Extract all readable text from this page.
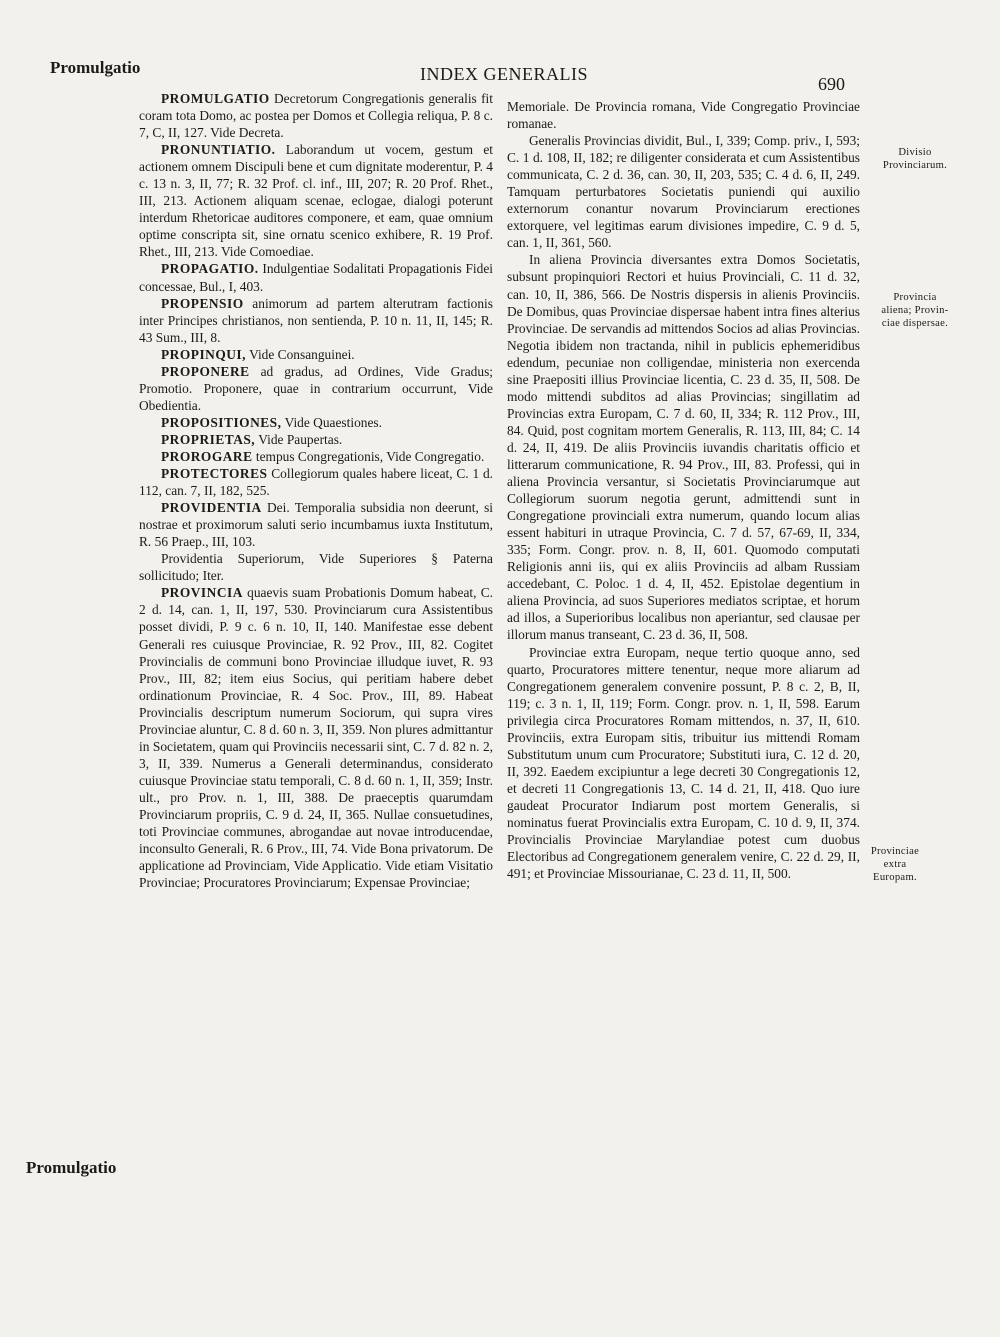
Promulgatio	INDEX GENERALIS	690

PROMULGATIO Decretorum Congregationis generalis fit coram tota Domo, ac postea per Domos et Collegia reliqua, P. 8 c. 7, C, II, 127. Vide Decreta.

PRONUNTIATIO. Laborandum ut vocem, gestum et actionem omnem Discipuli bene et cum dignitate moderentur, P. 4 c. 13 n. 3, II, 77; R. 32 Prof. cl. inf., III, 207; R. 20 Prof. Rhet., III, 213. Actionem aliquam scenae, eclogae, dialogi poterunt interdum Rhetoricae auditores componere, et eam, quae omnium optime conscripta sit, sine ornatu scenico exhibere, R. 19 Prof. Rhet., III, 213. Vide Comoediae.

PROPAGATIO. Indulgentiae Sodalitati Propagationis Fidei concessae, Bul., I, 403.

PROPENSIO animorum ad partem alterutram factionis inter Principes christianos, non sentienda, P. 10 n. 11, II, 145; R. 43 Sum., III, 8.

PROPINQUI, Vide Consanguinei.

PROPONERE ad gradus, ad Ordines, Vide Gradus; Promotio. Proponere, quae in contrarium occurrunt, Vide Obedientia.

PROPOSITIONES, Vide Quaestiones.

PROPRIETAS, Vide Paupertas.

PROROGARE tempus Congregationis, Vide Congregatio.

PROTECTORES Collegiorum quales habere liceat, C. 1 d. 112, can. 7, II, 182, 525.

PROVIDENTIA Dei. Temporalia subsidia non deerunt, si nostrae et proximorum saluti serio incumbamus iuxta Institutum, R. 56 Praep., III, 103.

Providentia Superiorum, Vide Superiores § Paterna sollicitudo; Iter.

PROVINCIA quaevis suam Probationis Domum habeat, C. 2 d. 14, can. 1, II, 197, 530. Provinciarum cura Assistentibus posset dividi, P. 9 c. 6 n. 10, II, 140. Manifestae esse debent Generali res cuiusque Provinciae, R. 92 Prov., III, 82. Cogitet Provincialis de communi bono Provinciae illudque iuvet, R. 93 Prov., III, 82; item eius Socius, qui peritiam habere debet ordinationum Provinciae, R. 4 Soc. Prov., III, 89. Habeat Provincialis descriptum numerum Sociorum, qui supra vires Provinciae aluntur, C. 8 d. 60 n. 3, II, 359. Non plures admittantur in Societatem, quam qui Provinciis necessarii sint, C. 7 d. 82 n. 2, 3, II, 339. Numerus a Generali determinandus, considerato cuiusque Provinciae statu temporali, C. 8 d. 60 n. 1, II, 359; Instr. ult., pro Prov. n. 1, III, 388. De praeceptis quarumdam Provinciarum propriis, C. 9 d. 24, II, 365. Nullae consuetudines, toti Provinciae communes, abrogandae aut novae introducendae, inconsulto Generali, R. 6 Prov., III, 74. Vide Bona privatorum. De applicatione ad Provinciam, Vide Applicatio. Vide etiam Visitatio Provinciae; Procuratores Provinciarum; Expensae Provinciae;

Memoriale. De Provincia romana, Vide Congregatio Provinciae romanae.

Generalis Provincias dividit, Bul., I, 339; Comp. priv., I, 593; C. 1 d. 108, II, 182; re diligenter considerata et cum Assistentibus communicata, C. 2 d. 36, can. 30, II, 203, 535; C. 4 d. 6, II, 249. Tamquam perturbatores Societatis puniendi qui auxilio externorum conantur novarum Provinciarum erectiones extorquere, vel legitimas earum divisiones impedire, C. 9 d. 5, can. 1, II, 361, 560.

In aliena Provincia diversantes extra Domos Societatis, subsunt propinquiori Rectori et huius Provinciali, C. 11 d. 32, can. 10, II, 386, 566. De Nostris dispersis in alienis Provinciis. De Domibus, quas Provinciae dispersae habent intra fines alterius Provinciae. De servandis ad mittendos Socios ad alias Provincias. Negotia ibidem non tractanda, nihil in publicis ephemeridibus edendum, pecuniae non colligendae, ministeria non exercenda sine Praepositi illius Provinciae licentia, C. 23 d. 35, II, 508. De modo mittendi subditos ad alias Provincias; singillatim ad Provincias extra Europam, C. 7 d. 60, II, 334; R. 112 Prov., III, 84. Quid, post cognitam mortem Generalis, R. 113, III, 84; C. 14 d. 24, II, 419. De aliis Provinciis iuvandis charitatis officio et litterarum communicatione, R. 94 Prov., III, 83. Professi, qui in aliena Provincia versantur, si Societatis Provinciarumque aut Collegiorum suorum negotia gerunt, admittendi sunt in Congregatione provinciali extra numerum, quando locum alias essent habituri in utraque Provincia, C. 7 d. 57, 67-69, II, 334, 335; Form. Congr. prov. n. 8, II, 601. Quomodo computati Religionis anni iis, qui ex aliis Provinciis ad albam Russiam accedebant, C. Poloc. 1 d. 4, II, 452. Epistolae degentium in aliena Provincia, ad suos Superiores mediatos scriptae, et horum ad illos, a Superioribus localibus non aperiantur, sed clausae per illorum manus transeant, C. 23 d. 36, II, 508.

Provinciae extra Europam, neque tertio quoque anno, sed quarto, Procuratores mittere tenentur, neque more aliarum ad Congregationem generalem convenire possunt, P. 8 c. 2, B, II, 119; c. 3 n. 1, II, 119; Form. Congr. prov. n. 1, II, 598. Earum privilegia circa Procuratores Romam mittendos, n. 37, II, 610. Provinciis, extra Europam sitis, tribuitur ius mittendi Romam Substitutum unum cum Procuratore; Substituti iura, C. 12 d. 20, II, 392. Eaedem excipiuntur a lege decreti 30 Congregationis 12, et decreti 11 Congregationis 13, C. 14 d. 21, II, 418. Quo iure gaudeat Procurator Indiarum post mortem Generalis, si nominatus fuerat Provincialis extra Europam, C. 10 d. 9, II, 374. Provincialis Provinciae Marylandiae potest cum duobus Electoribus ad Congregationem generalem venire, C. 22 d. 29, II, 491; et Provinciae Missourianae, C. 23 d. 11, II, 500.

Divisio
Provinciarum.
Provincia
aliena; Provin-
ciae dispersae.
Provinciae
extra
Europam.
Promulgatio
